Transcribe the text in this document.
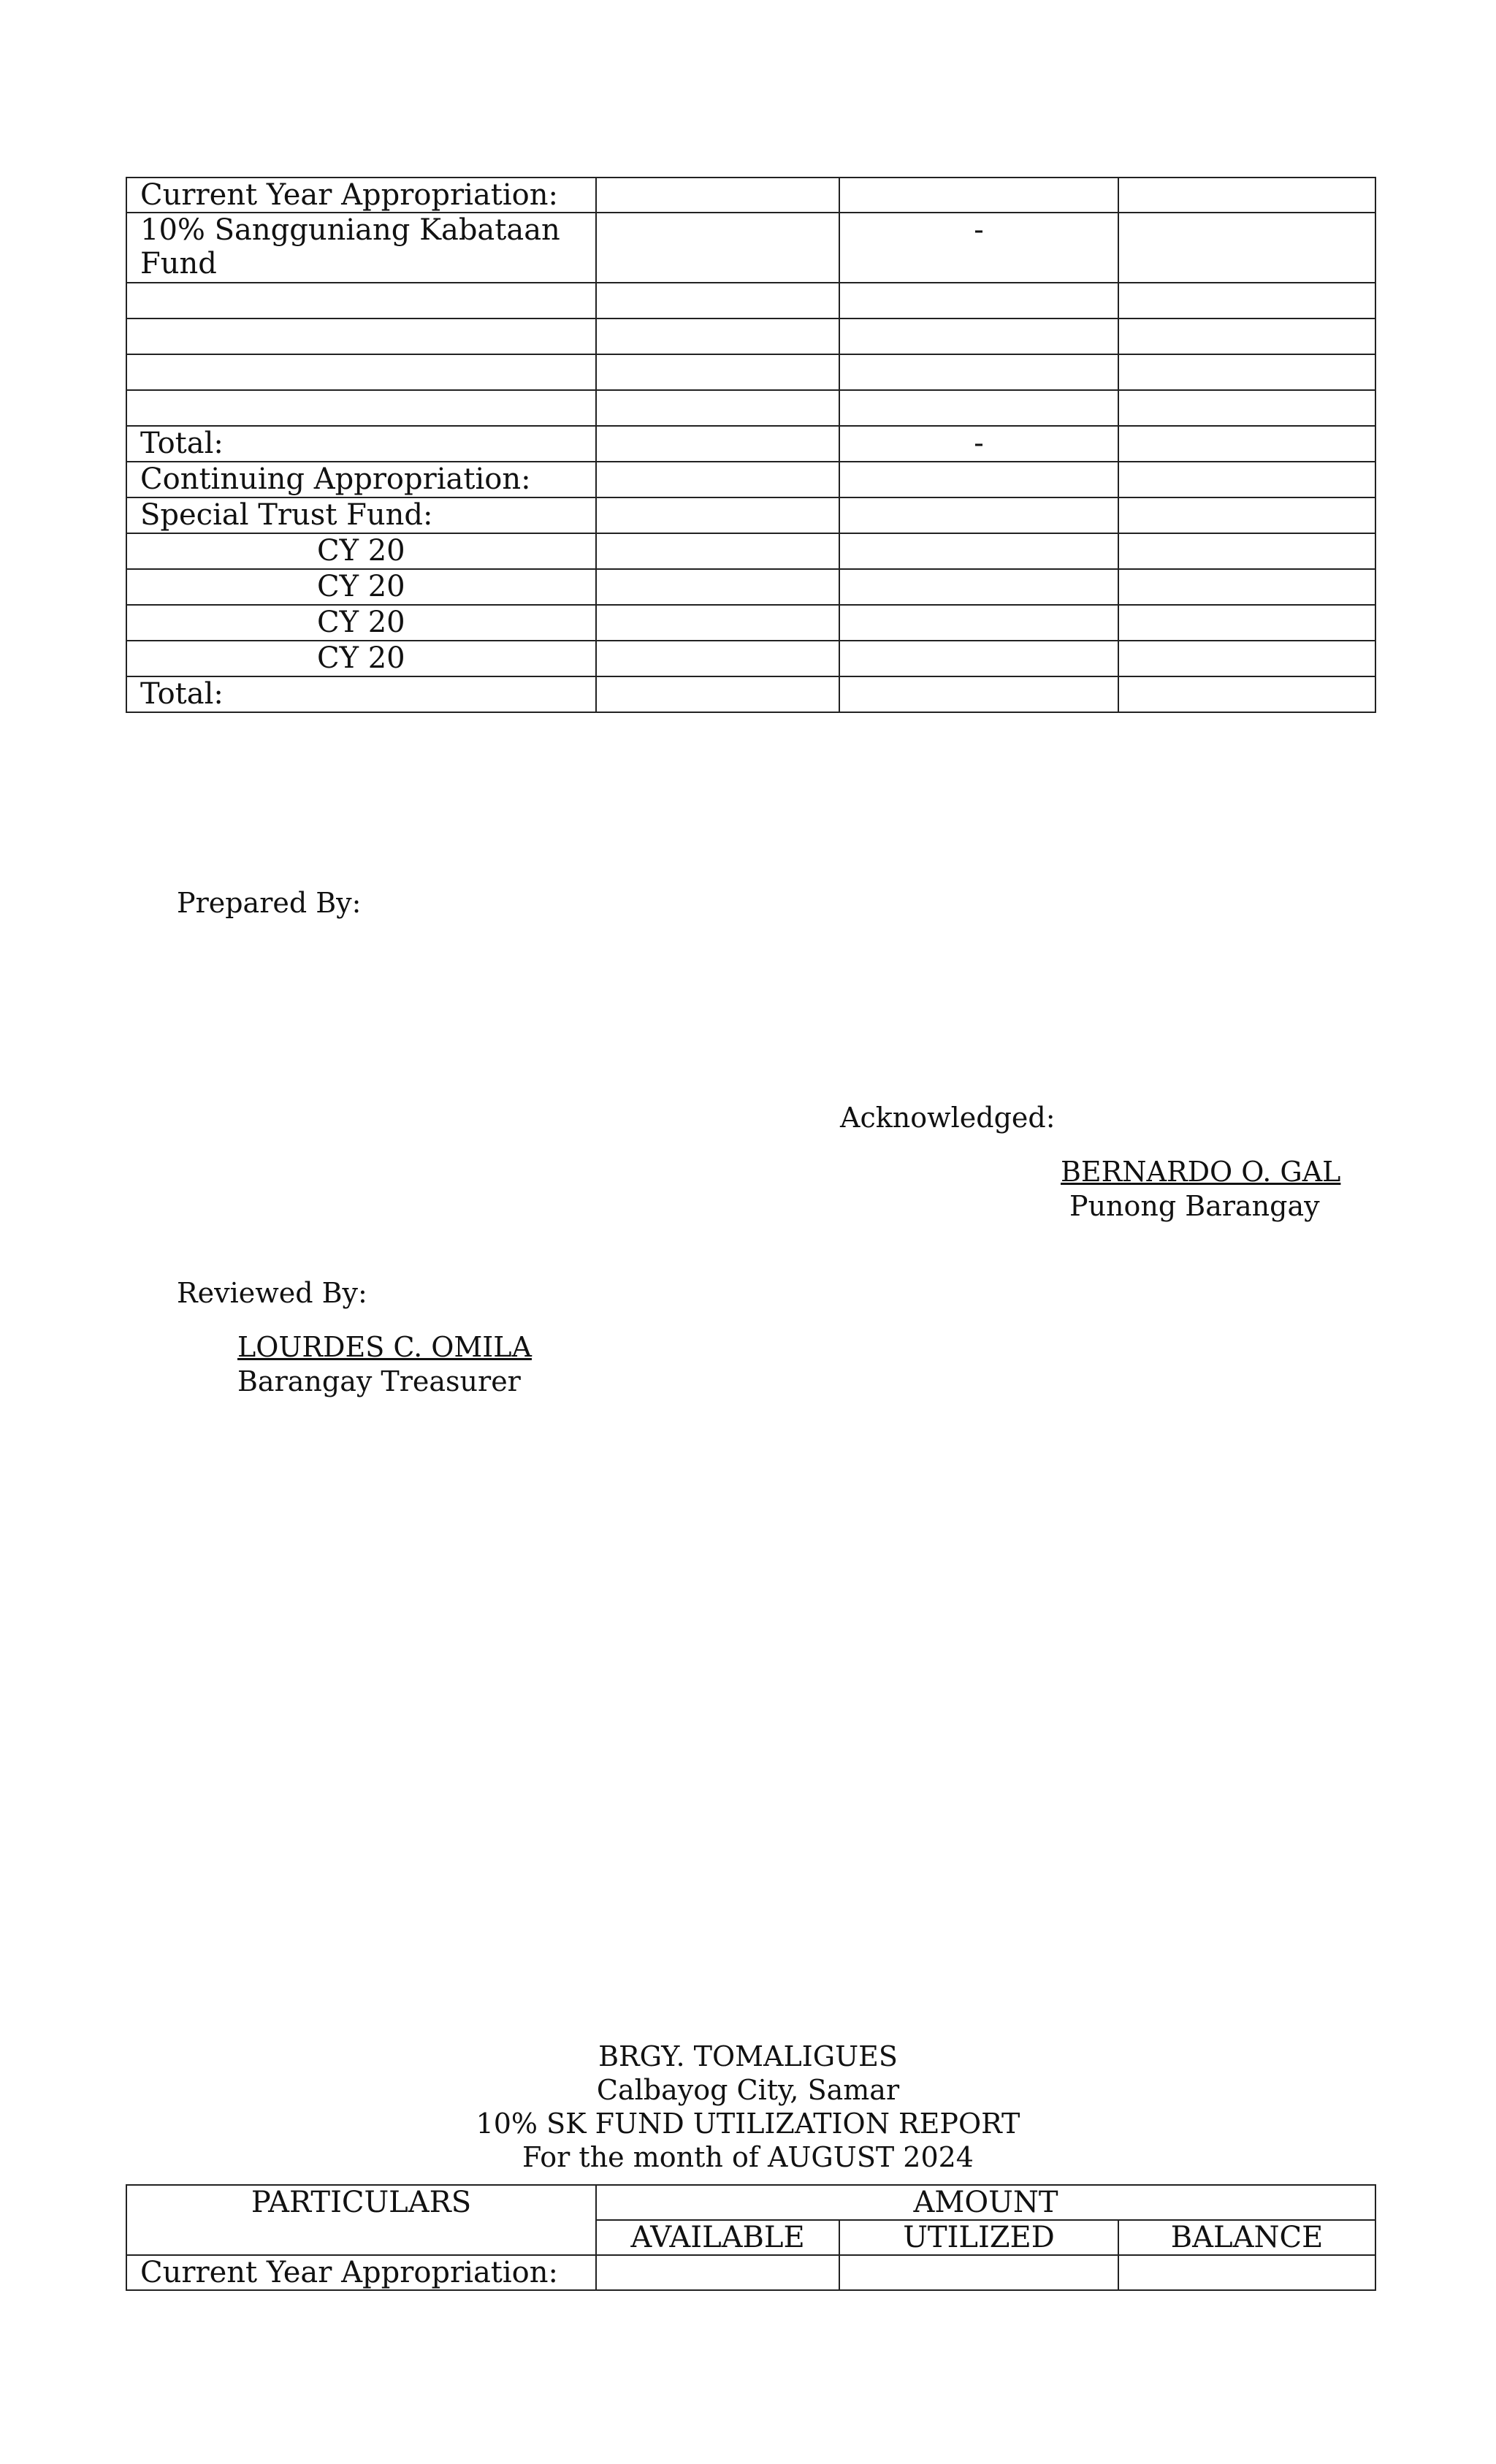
Current Year Appropriation:			
10% Sangguniang Kabataan Fund		-	

Total:		-	
Continuing Appropriation:			
Special Trust Fund:			
CY 20			
CY 20			
CY 20			
CY 20			
Total:			
Prepared By:
Acknowledged:
BERNARDO O. GAL
Punong Barangay
Reviewed By:
LOURDES C. OMILA
Barangay Treasurer
BRGY. TOMALIGUES
Calbayog City, Samar
10% SK FUND UTILIZATION REPORT
For the month of AUGUST 2024
PARTICULARS	AMOUNT		
	AVAILABLE	UTILIZED	BALANCE
Current Year Appropriation:			
